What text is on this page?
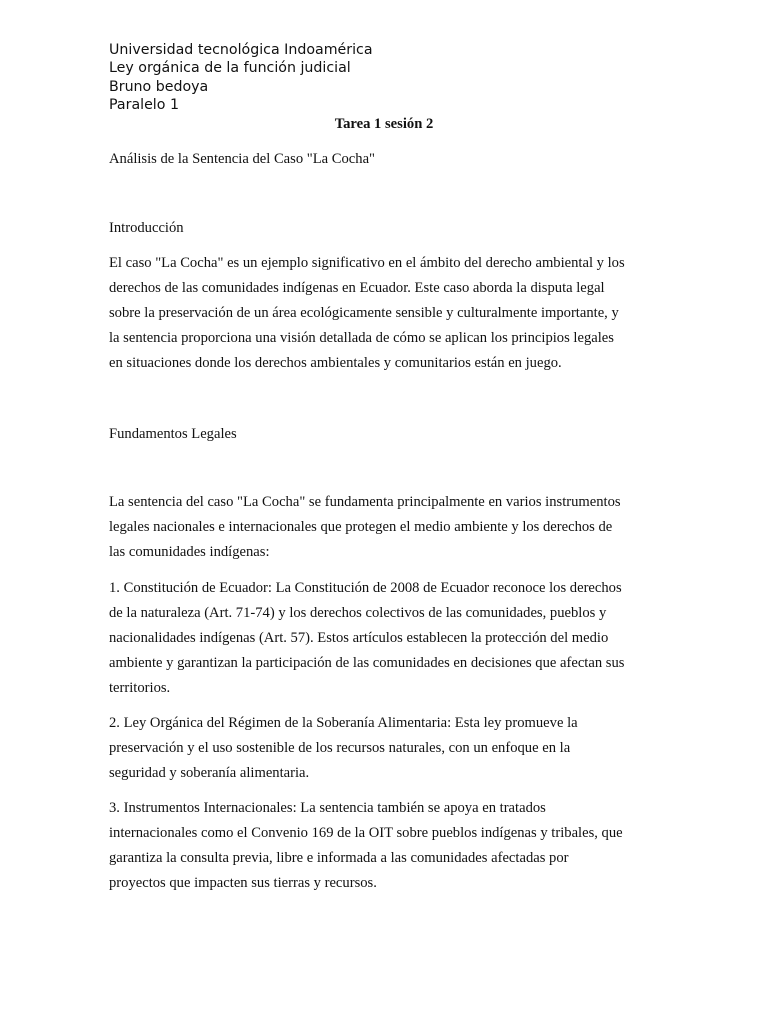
Universidad tecnológica Indoamérica
Ley orgánica de la función judicial
Bruno bedoya
Paralelo 1
Tarea 1 sesión 2
Análisis de la Sentencia del Caso "La Cocha"
Introducción
El caso "La Cocha" es un ejemplo significativo en el ámbito del derecho ambiental y los
derechos de las comunidades indígenas en Ecuador. Este caso aborda la disputa legal
sobre la preservación de un área ecológicamente sensible y culturalmente importante, y
la sentencia proporciona una visión detallada de cómo se aplican los principios legales
en situaciones donde los derechos ambientales y comunitarios están en juego.
Fundamentos Legales
La sentencia del caso "La Cocha" se fundamenta principalmente en varios instrumentos
legales nacionales e internacionales que protegen el medio ambiente y los derechos de
las comunidades indígenas:
1. Constitución de Ecuador: La Constitución de 2008 de Ecuador reconoce los derechos
de la naturaleza (Art. 71-74) y los derechos colectivos de las comunidades, pueblos y
nacionalidades indígenas (Art. 57). Estos artículos establecen la protección del medio
ambiente y garantizan la participación de las comunidades en decisiones que afectan sus
territorios.
2. Ley Orgánica del Régimen de la Soberanía Alimentaria: Esta ley promueve la
preservación y el uso sostenible de los recursos naturales, con un enfoque en la
seguridad y soberanía alimentaria.
3. Instrumentos Internacionales: La sentencia también se apoya en tratados
internacionales como el Convenio 169 de la OIT sobre pueblos indígenas y tribales, que
garantiza la consulta previa, libre e informada a las comunidades afectadas por
proyectos que impacten sus tierras y recursos.
